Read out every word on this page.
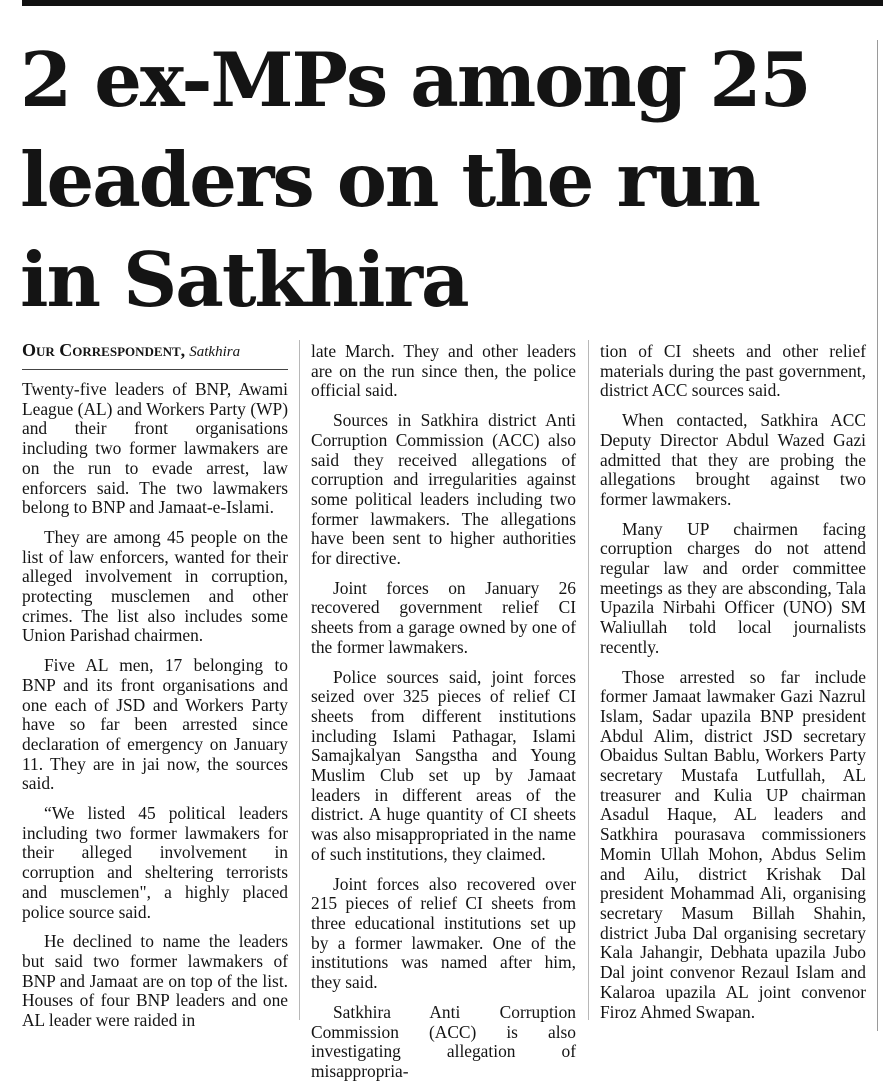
2 ex-MPs among 25
leaders on the run
in Satkhira
Our Correspondent, Satkhira

Twenty-five leaders of BNP, Awami League (AL) and Workers Party (WP) and their front organisations including two former lawmakers are on the run to evade arrest, law enforcers said. The two lawmakers belong to BNP and Jamaat-e-Islami.

They are among 45 people on the list of law enforcers, wanted for their alleged involvement in corruption, protecting musclemen and other crimes. The list also includes some Union Parishad chairmen.

Five AL men, 17 belonging to BNP and its front organisations and one each of JSD and Workers Party have so far been arrested since declaration of emergency on January 11. They are in jai now, the sources said.

“We listed 45 political leaders including two former lawmakers for their alleged involvement in corruption and sheltering terrorists and musclemen", a highly placed police source said.

He declined to name the leaders but said two former lawmakers of BNP and Jamaat are on top of the list. Houses of four BNP leaders and one AL leader were raided in

late March. They and other leaders are on the run since then, the police official said.

Sources in Satkhira district Anti Corruption Commission (ACC) also said they received allegations of corruption and irregularities against some political leaders including two former lawmakers. The allegations have been sent to higher authorities for directive.

Joint forces on January 26 recovered government relief CI sheets from a garage owned by one of the former lawmakers.

Police sources said, joint forces seized over 325 pieces of relief CI sheets from different institutions including Islami Pathagar, Islami Samajkalyan Sangstha and Young Muslim Club set up by Jamaat leaders in different areas of the district. A huge quantity of CI sheets was also misappropriated in the name of such institutions, they claimed.

Joint forces also recovered over 215 pieces of relief CI sheets from three educational institutions set up by a former lawmaker. One of the institutions was named after him, they said.

Satkhira Anti Corruption Commission (ACC) is also investigating allegation of misappropria-

tion of CI sheets and other relief materials during the past government, district ACC sources said.

When contacted, Satkhira ACC Deputy Director Abdul Wazed Gazi admitted that they are probing the allegations brought against two former lawmakers.

Many UP chairmen facing corruption charges do not attend regular law and order committee meetings as they are absconding, Tala Upazila Nirbahi Officer (UNO) SM Waliullah told local journalists recently.

Those arrested so far include former Jamaat lawmaker Gazi Nazrul Islam, Sadar upazila BNP president Abdul Alim, district JSD secretary Obaidus Sultan Bablu, Workers Party secretary Mustafa Lutfullah, AL treasurer and Kulia UP chairman Asadul Haque, AL leaders and Satkhira pourasava commissioners Momin Ullah Mohon, Abdus Selim and Ailu, district Krishak Dal president Mohammad Ali, organising secretary Masum Billah Shahin, district Juba Dal organising secretary Kala Jahangir, Debhata upazila Jubo Dal joint convenor Rezaul Islam and Kalaroa upazila AL joint convenor Firoz Ahmed Swapan.
